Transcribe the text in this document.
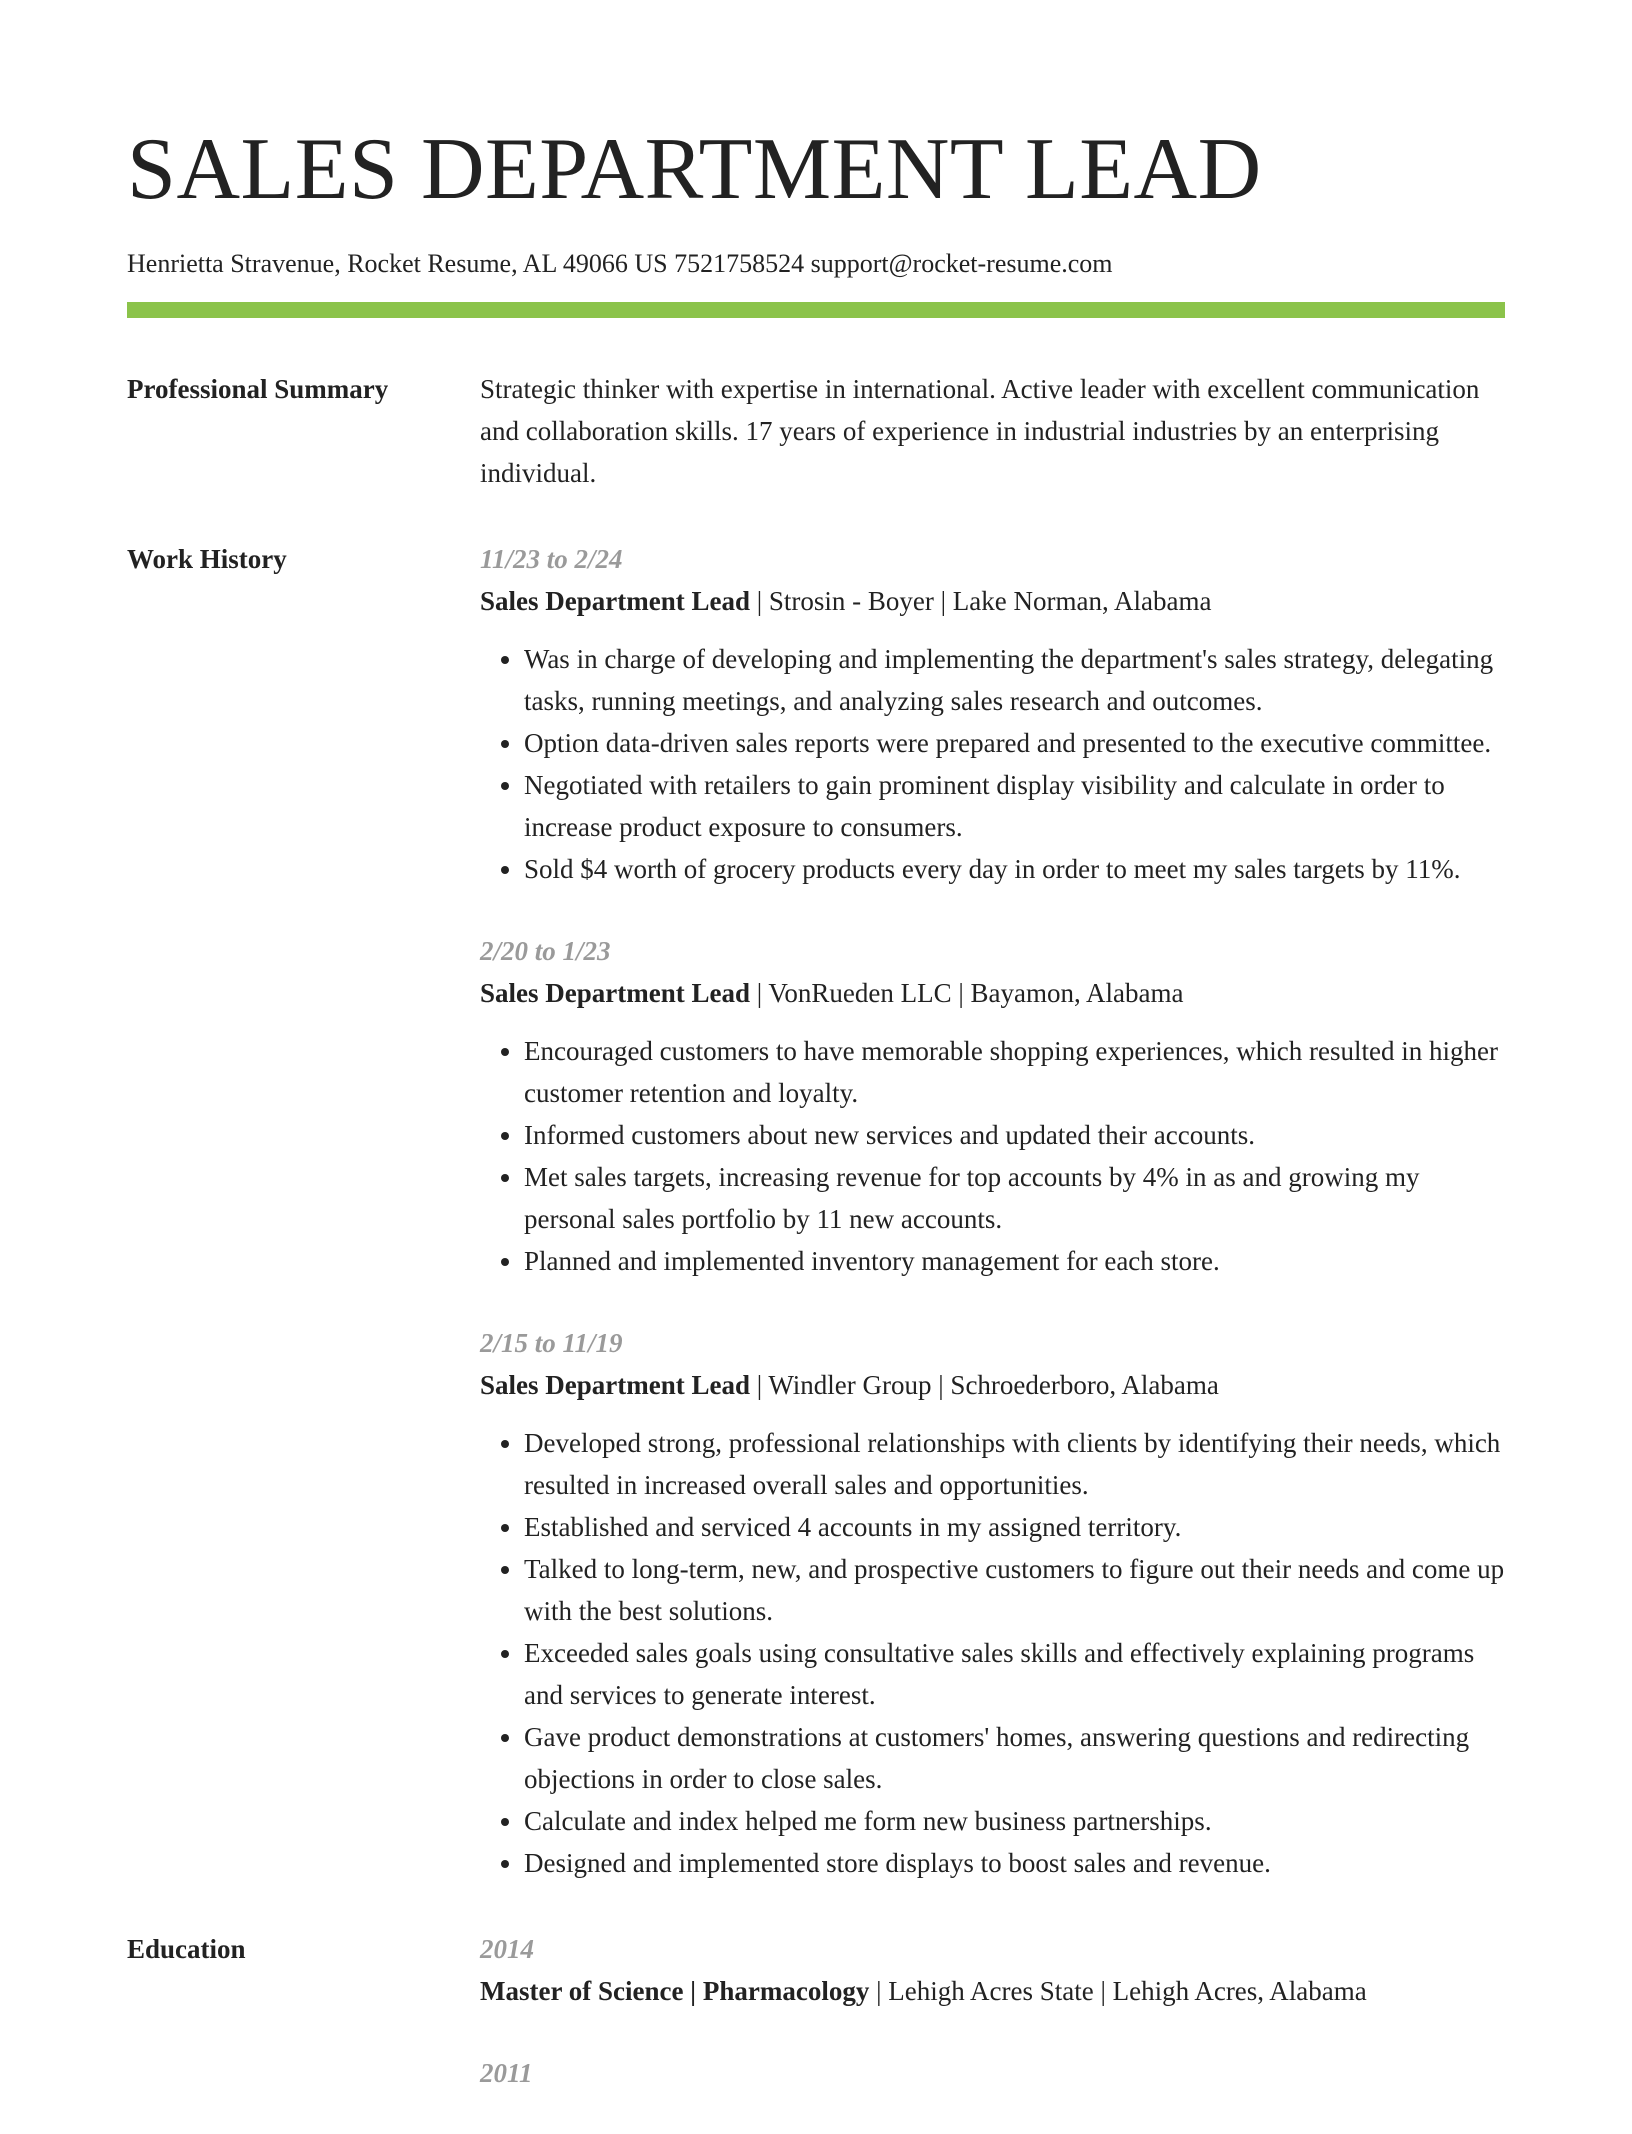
SALES DEPARTMENT LEAD
Henrietta Stravenue, Rocket Resume, AL 49066 US 7521758524 support@rocket-resume.com
Professional Summary	Strategic thinker with expertise in international. Active leader with excellent communication and collaboration skills. 17 years of experience in industrial industries by an enterprising individual.
Work History	11/23 to 2/24
Sales Department Lead | Strosin - Boyer | Lake Norman, Alabama
• Was in charge of developing and implementing the department's sales strategy, delegating tasks, running meetings, and analyzing sales research and outcomes.
• Option data-driven sales reports were prepared and presented to the executive committee.
• Negotiated with retailers to gain prominent display visibility and calculate in order to increase product exposure to consumers.
• Sold $4 worth of grocery products every day in order to meet my sales targets by 11%.
2/20 to 1/23
Sales Department Lead | VonRueden LLC | Bayamon, Alabama
• Encouraged customers to have memorable shopping experiences, which resulted in higher customer retention and loyalty.
• Informed customers about new services and updated their accounts.
• Met sales targets, increasing revenue for top accounts by 4% in as and growing my personal sales portfolio by 11 new accounts.
• Planned and implemented inventory management for each store.
2/15 to 11/19
Sales Department Lead | Windler Group | Schroederboro, Alabama
• Developed strong, professional relationships with clients by identifying their needs, which resulted in increased overall sales and opportunities.
• Established and serviced 4 accounts in my assigned territory.
• Talked to long-term, new, and prospective customers to figure out their needs and come up with the best solutions.
• Exceeded sales goals using consultative sales skills and effectively explaining programs and services to generate interest.
• Gave product demonstrations at customers' homes, answering questions and redirecting objections in order to close sales.
• Calculate and index helped me form new business partnerships.
• Designed and implemented store displays to boost sales and revenue.
Education	2014
Master of Science | Pharmacology | Lehigh Acres State | Lehigh Acres, Alabama
2011
